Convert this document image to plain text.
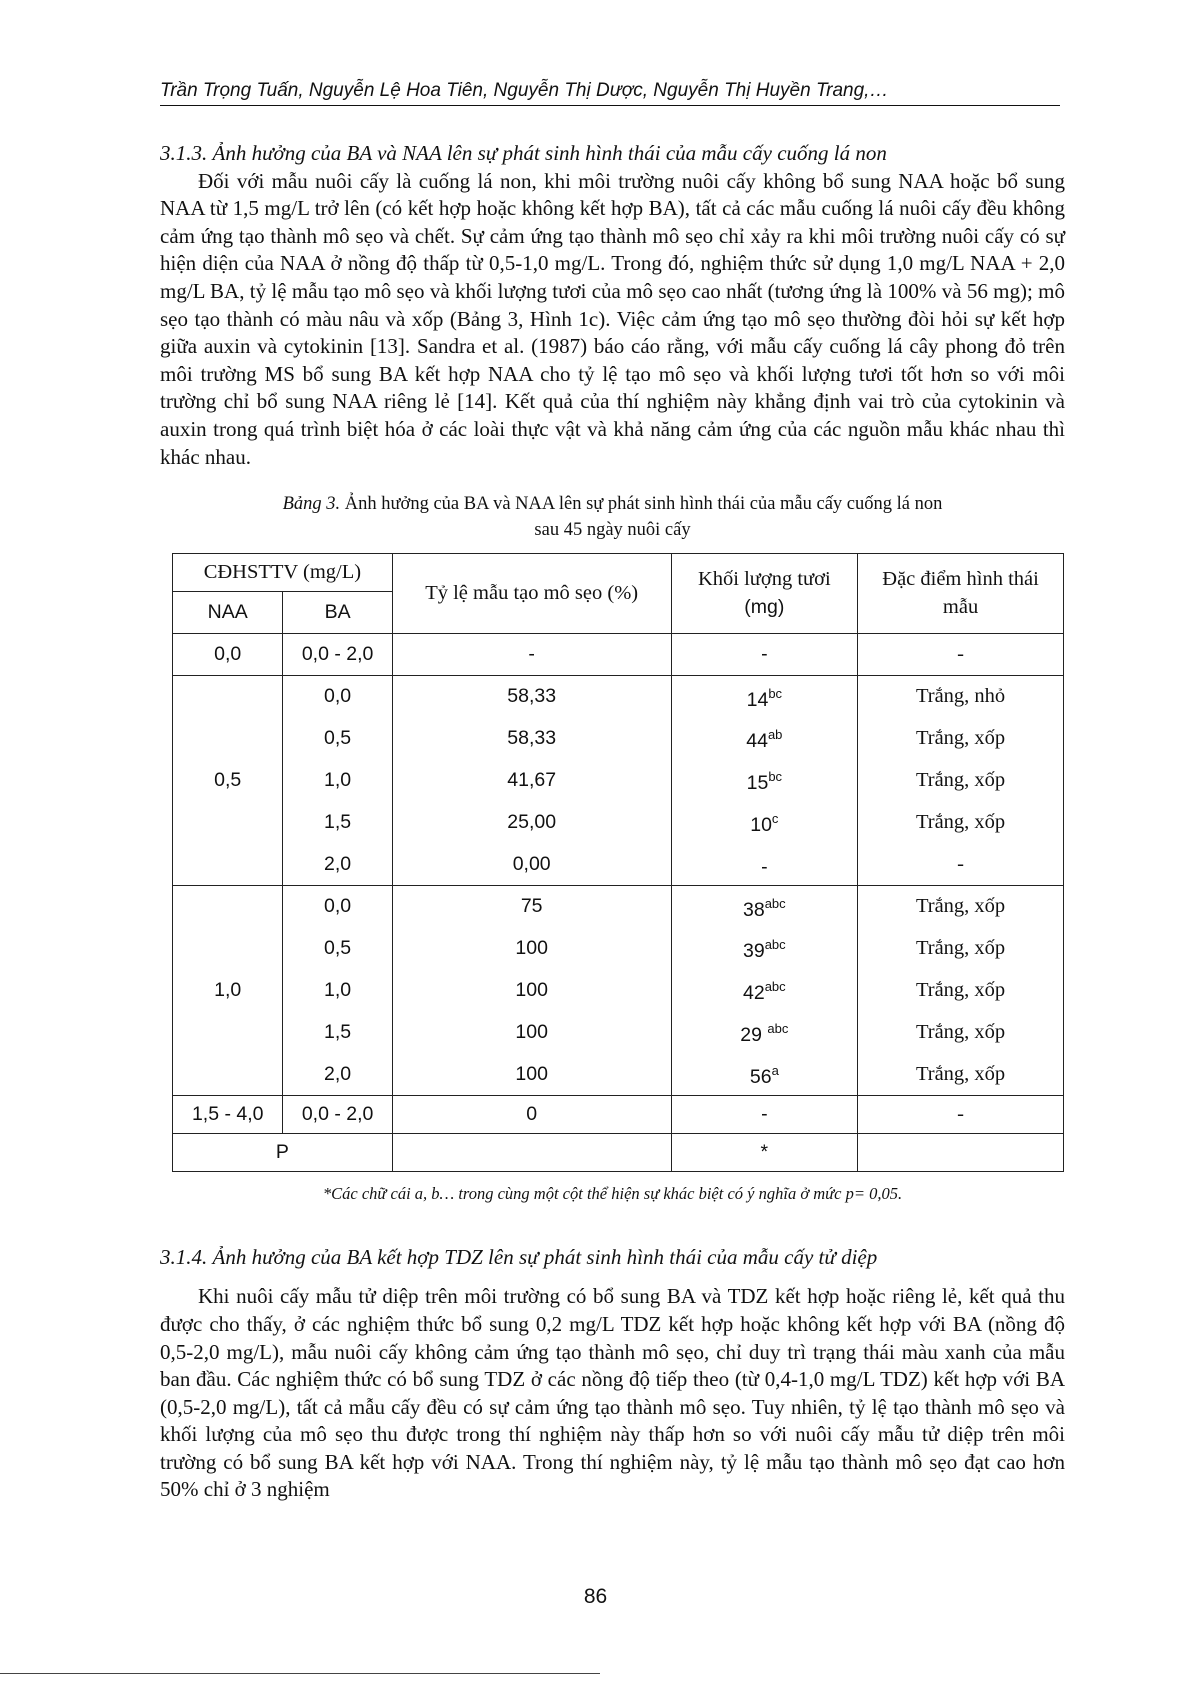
Trần Trọng Tuấn, Nguyễn Lệ Hoa Tiên, Nguyễn Thị Dược, Nguyễn Thị Huyền Trang,…

3.1.3. Ảnh hưởng của BA và NAA lên sự phát sinh hình thái của mẫu cấy cuống lá non

Đối với mẫu nuôi cấy là cuống lá non, khi môi trường nuôi cấy không bổ sung NAA hoặc bổ sung NAA từ 1,5 mg/L trở lên (có kết hợp hoặc không kết hợp BA), tất cả các mẫu cuống lá nuôi cấy đều không cảm ứng tạo thành mô sẹo và chết. Sự cảm ứng tạo thành mô sẹo chỉ xảy ra khi môi trường nuôi cấy có sự hiện diện của NAA ở nồng độ thấp từ 0,5-1,0 mg/L. Trong đó, nghiệm thức sử dụng 1,0 mg/L NAA + 2,0 mg/L BA, tỷ lệ mẫu tạo mô sẹo và khối lượng tươi của mô sẹo cao nhất (tương ứng là 100% và 56 mg); mô sẹo tạo thành có màu nâu và xốp (Bảng 3, Hình 1c). Việc cảm ứng tạo mô sẹo thường đòi hỏi sự kết hợp giữa auxin và cytokinin [13]. Sandra et al. (1987) báo cáo rằng, với mẫu cấy cuống lá cây phong đỏ trên môi trường MS bổ sung BA kết hợp NAA cho tỷ lệ tạo mô sẹo và khối lượng tươi tốt hơn so với môi trường chỉ bổ sung NAA riêng lẻ [14]. Kết quả của thí nghiệm này khẳng định vai trò của cytokinin và auxin trong quá trình biệt hóa ở các loài thực vật và khả năng cảm ứng của các nguồn mẫu khác nhau thì khác nhau.

Bảng 3. Ảnh hưởng của BA và NAA lên sự phát sinh hình thái của mẫu cấy cuống lá non
sau 45 ngày nuôi cấy

CĐHSTTV (mg/L)		Tỷ lệ mẫu tạo mô sẹo (%)	Khối lượng tươi
(mg)	Đặc điểm hình thái mẫu
NAA	BA			
0,0	0,0 - 2,0	-	-	-
0,5	0,0	58,33	$14^{bc}$	Trắng, nhỏ
	0,5	58,33	$44^{ab}$	Trắng, xốp
	1,0	41,67	$15^{bc}$	Trắng, xốp
	1,5	25,00	10$^c$	Trắng, xốp
	2,0	0,00	-	-
1,0	0,0	75	$38^{abc}$	Trắng, xốp
	0,5	100	$39^{abc}$	Trắng, xốp
	1,0	100	$42^{abc}$	Trắng, xốp
	1,5	100	29 $^{abc}$	Trắng, xốp
	2,0	100	56$^a$	Trắng, xốp
1,5 - 4,0	0,0 - 2,0	0	-	-
P			*	

*Các chữ cái a, b… trong cùng một cột thể hiện sự khác biệt có ý nghĩa ở mức p= 0,05.

3.1.4. Ảnh hưởng của BA kết hợp TDZ lên sự phát sinh hình thái của mẫu cấy tử diệp

Khi nuôi cấy mẫu tử diệp trên môi trường có bổ sung BA và TDZ kết hợp hoặc riêng lẻ, kết quả thu được cho thấy, ở các nghiệm thức bổ sung 0,2 mg/L TDZ kết hợp hoặc không kết hợp với BA (nồng độ 0,5-2,0 mg/L), mẫu nuôi cấy không cảm ứng tạo thành mô sẹo, chỉ duy trì trạng thái màu xanh của mẫu ban đầu. Các nghiệm thức có bổ sung TDZ ở các nồng độ tiếp theo (từ 0,4-1,0 mg/L TDZ) kết hợp với BA (0,5-2,0 mg/L), tất cả mẫu cấy đều có sự cảm ứng tạo thành mô sẹo. Tuy nhiên, tỷ lệ tạo thành mô sẹo và khối lượng của mô sẹo thu được trong thí nghiệm này thấp hơn so với nuôi cấy mẫu tử diệp trên môi trường có bổ sung BA kết hợp với NAA. Trong thí nghiệm này, tỷ lệ mẫu tạo thành mô sẹo đạt cao hơn 50% chỉ ở 3 nghiệm

86
